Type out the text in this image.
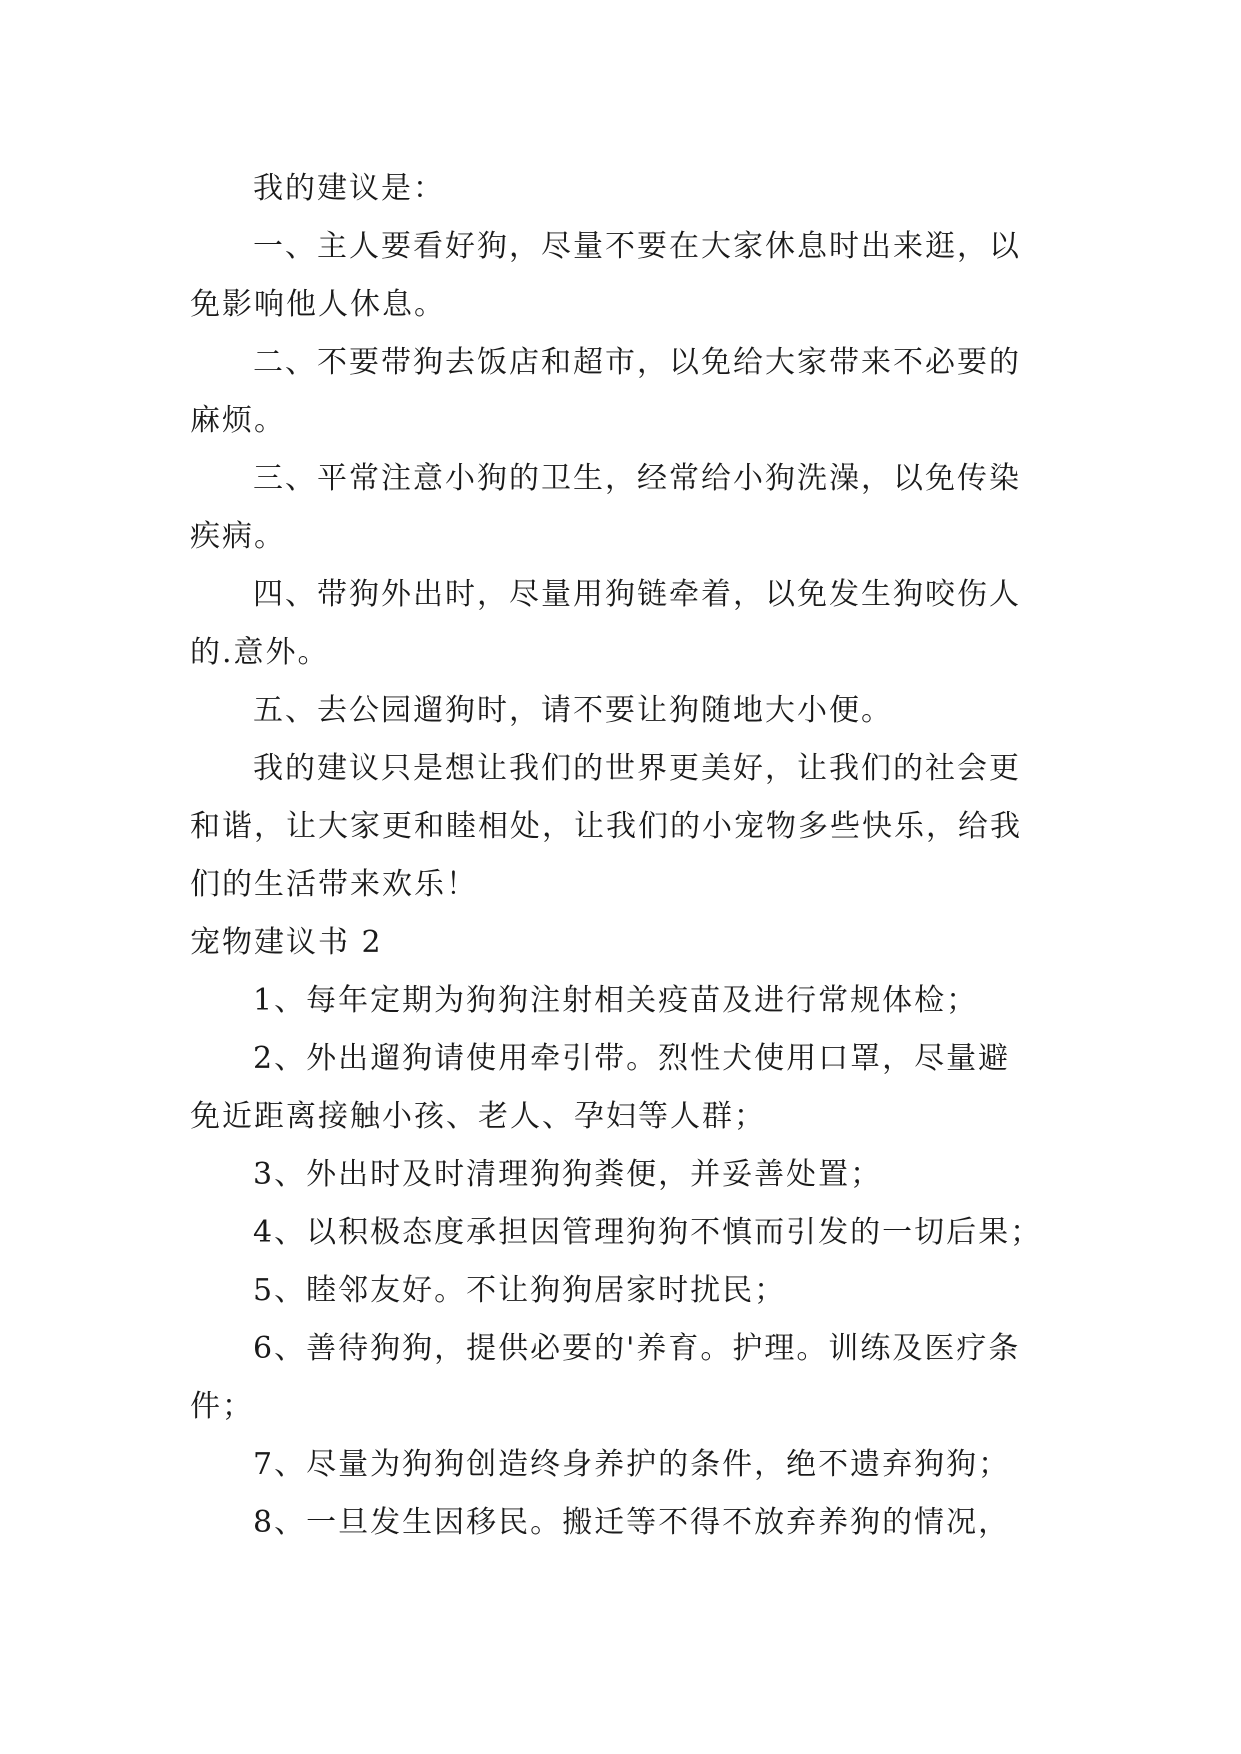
我的建议是：
一、主人要看好狗，尽量不要在大家休息时出来逛，以
免影响他人休息。
二、不要带狗去饭店和超市，以免给大家带来不必要的
麻烦。
三、平常注意小狗的卫生，经常给小狗洗澡，以免传染
疾病。
四、带狗外出时，尽量用狗链牵着，以免发生狗咬伤人
的.意外。
五、去公园遛狗时，请不要让狗随地大小便。
我的建议只是想让我们的世界更美好，让我们的社会更
和谐，让大家更和睦相处，让我们的小宠物多些快乐，给我
们的生活带来欢乐！
宠物建议书 2
1、每年定期为狗狗注射相关疫苗及进行常规体检；
2、外出遛狗请使用牵引带。烈性犬使用口罩，尽量避
免近距离接触小孩、老人、孕妇等人群；
3、外出时及时清理狗狗粪便，并妥善处置；
4、以积极态度承担因管理狗狗不慎而引发的一切后果；
5、睦邻友好。不让狗狗居家时扰民；
6、善待狗狗，提供必要的'养育。护理。训练及医疗条
件；
7、尽量为狗狗创造终身养护的条件，绝不遗弃狗狗；
8、一旦发生因移民。搬迁等不得不放弃养狗的情况，
